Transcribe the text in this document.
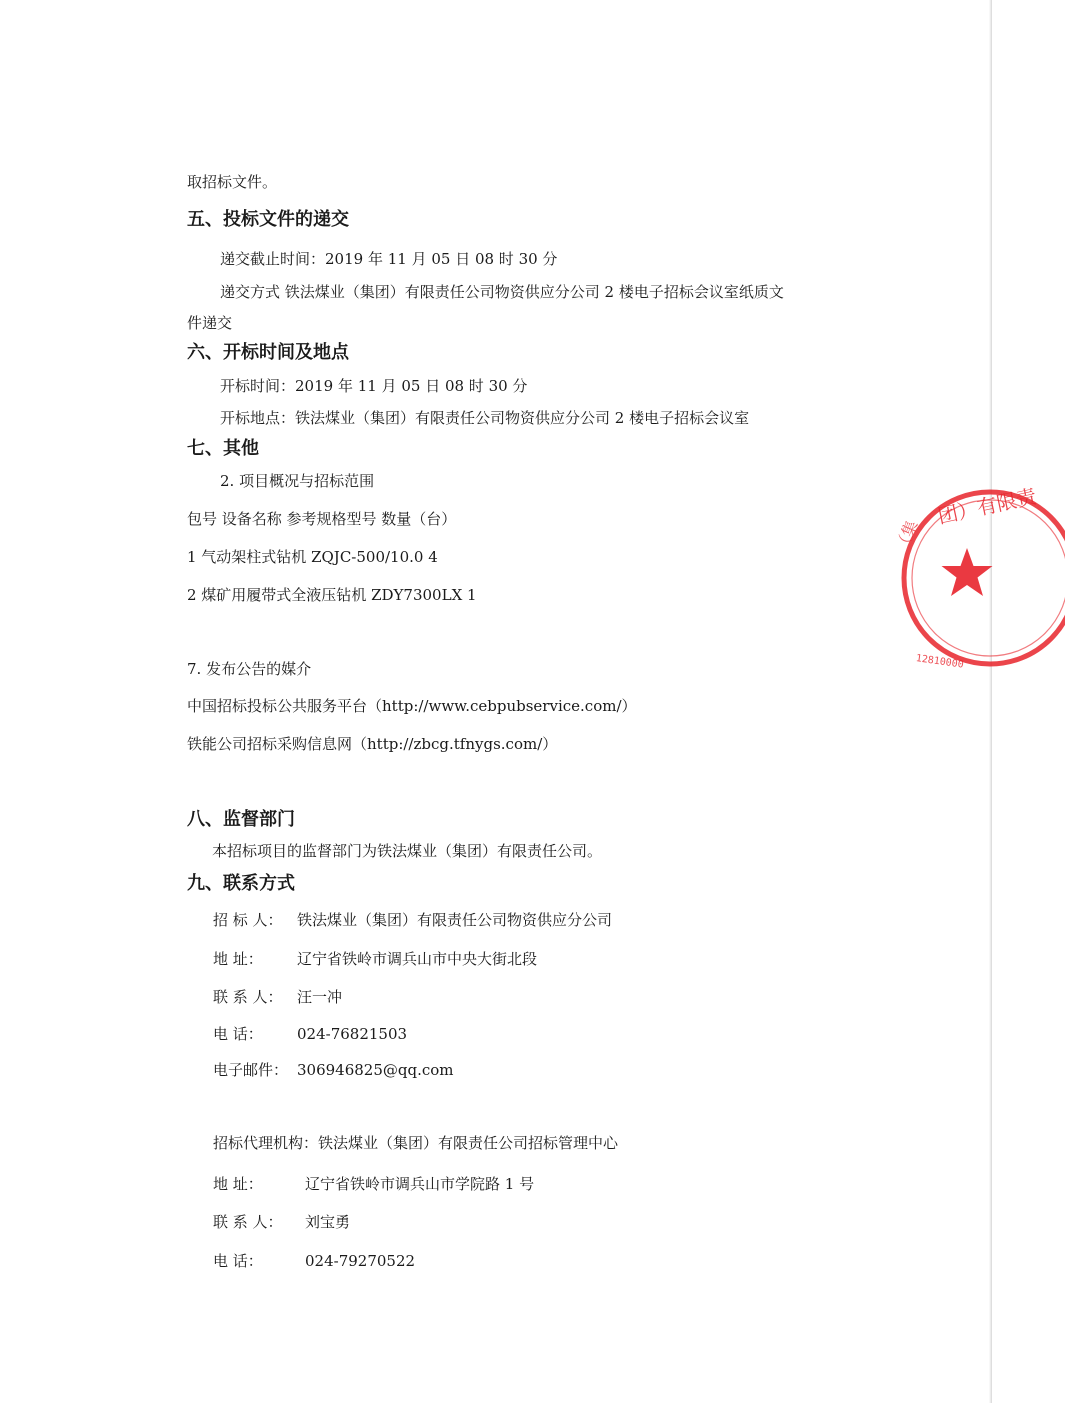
取招标文件。
五、投标文件的递交
递交截止时间：2019 年 11 月 05 日 08 时 30 分
递交方式 铁法煤业（集团）有限责任公司物资供应分公司 2 楼电子招标会议室纸质文
件递交
六、开标时间及地点
开标时间：2019 年 11 月 05 日 08 时 30 分
开标地点：铁法煤业（集团）有限责任公司物资供应分公司 2 楼电子招标会议室
七、其他
2. 项目概况与招标范围
包号 设备名称 参考规格型号 数量（台）
1 气动架柱式钻机 ZQJC-500/10.0 4
2 煤矿用履带式全液压钻机 ZDY7300LX 1
7. 发布公告的媒介
中国招标投标公共服务平台（http://www.cebpubservice.com/）
铁能公司招标采购信息网（http://zbcg.tfnygs.com/）
八、监督部门
本招标项目的监督部门为铁法煤业（集团）有限责任公司。
九、联系方式
招 标 人： 铁法煤业（集团）有限责任公司物资供应分公司
地 址： 辽宁省铁岭市调兵山市中央大街北段
联 系 人： 汪一冲
电 话： 024-76821503
电子邮件： 306946825@qq.com
招标代理机构：铁法煤业（集团）有限责任公司招标管理中心
地 址：	辽宁省铁岭市调兵山市学院路 1 号
联 系 人： 刘宝勇
电 话：	024-79270522
团）有限责
（集
12810000
